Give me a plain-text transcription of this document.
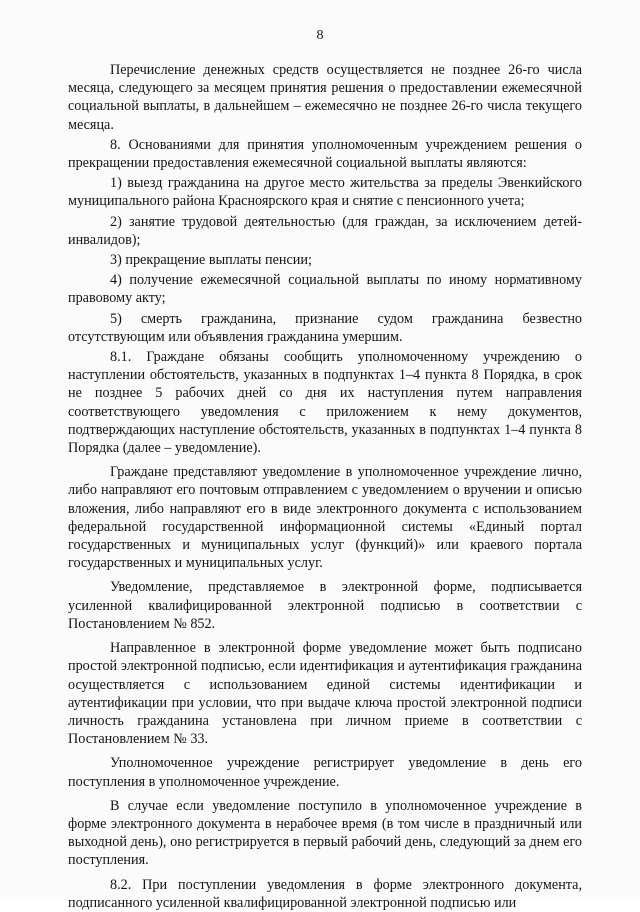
8

Перечисление денежных средств осуществляется не позднее 26-го числа месяца, следующего за месяцем принятия решения о предоставлении ежемесячной социальной выплаты, в дальнейшем – ежемесячно не позднее 26-го числа текущего месяца.

8. Основаниями для принятия уполномоченным учреждением решения о прекращении предоставления ежемесячной социальной выплаты являются:

1) выезд гражданина на другое место жительства за пределы Эвенкийского муниципального района Красноярского края и снятие с пенсионного учета;

2) занятие трудовой деятельностью (для граждан, за исключением детей-инвалидов);

3) прекращение выплаты пенсии;

4) получение ежемесячной социальной выплаты по иному нормативному правовому акту;

5) смерть гражданина, признание судом гражданина безвестно отсутствующим или объявления гражданина умершим.

8.1. Граждане обязаны сообщить уполномоченному учреждению о наступлении обстоятельств, указанных в подпунктах 1–4 пункта 8 Порядка, в срок не позднее 5 рабочих дней со дня их наступления путем направления соответствующего уведомления с приложением к нему документов, подтверждающих наступление обстоятельств, указанных в подпунктах 1–4 пункта 8 Порядка (далее – уведомление).

Граждане представляют уведомление в уполномоченное учреждение лично, либо направляют его почтовым отправлением с уведомлением о вручении и описью вложения, либо направляют его в виде электронного документа с использованием федеральной государственной информационной системы «Единый портал государственных и муниципальных услуг (функций)» или краевого портала государственных и муниципальных услуг.

Уведомление, представляемое в электронной форме, подписывается усиленной квалифицированной электронной подписью в соответствии с Постановлением № 852.

Направленное в электронной форме уведомление может быть подписано простой электронной подписью, если идентификация и аутентификация гражданина осуществляется с использованием единой системы идентификации и аутентификации при условии, что при выдаче ключа простой электронной подписи личность гражданина установлена при личном приеме в соответствии с Постановлением № 33.

Уполномоченное учреждение регистрирует уведомление в день его поступления в уполномоченное учреждение.

В случае если уведомление поступило в уполномоченное учреждение в форме электронного документа в нерабочее время (в том числе в праздничный или выходной день), оно регистрируется в первый рабочий день, следующий за днем его поступления.

8.2. При поступлении уведомления в форме электронного документа, подписанного усиленной квалифицированной электронной подписью или
